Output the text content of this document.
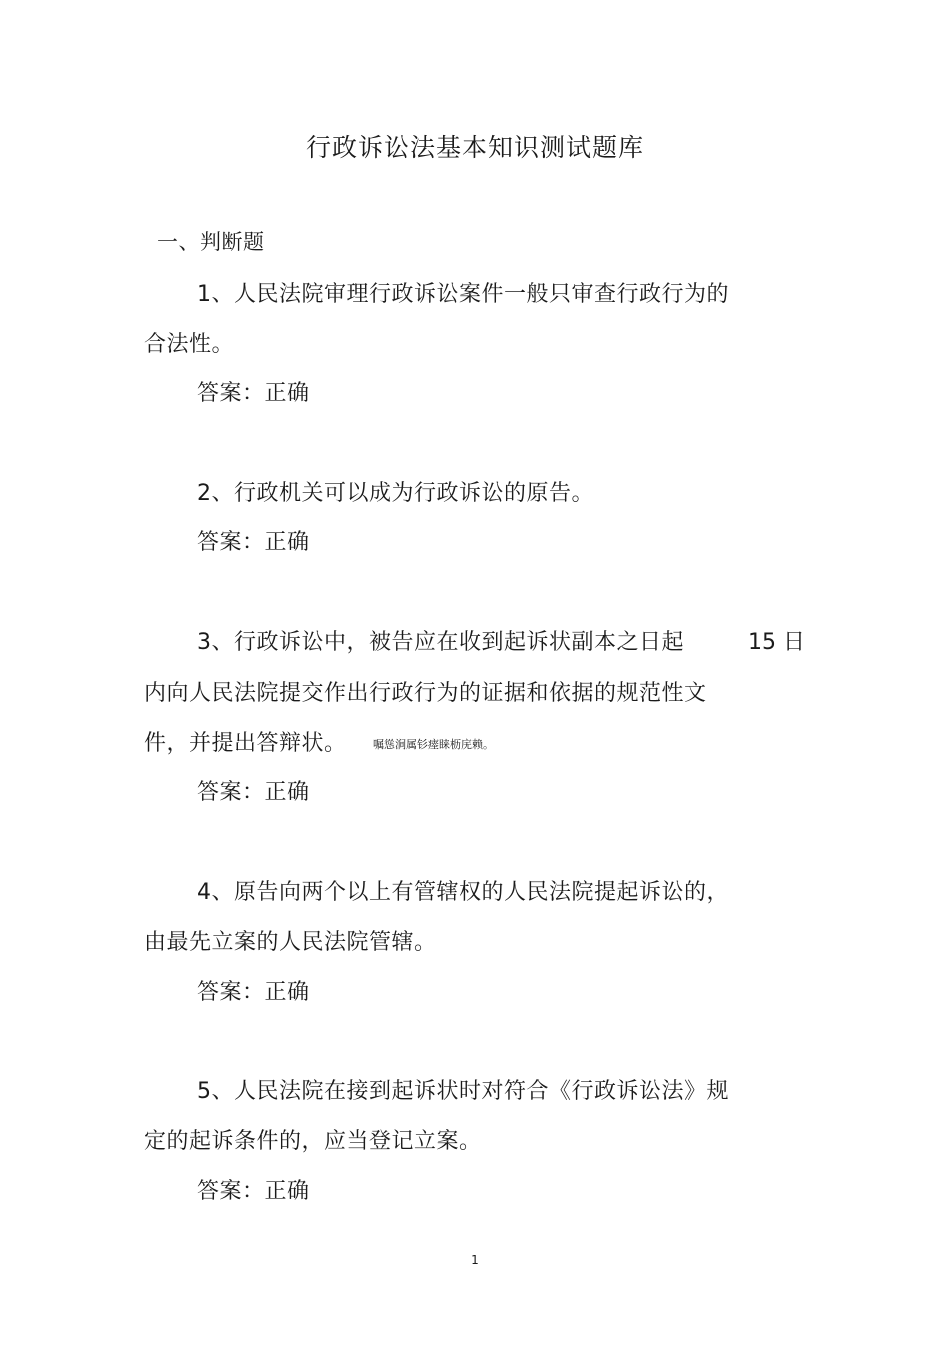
行政诉讼法基本知识测试题库
一、判断题
1、人民法院审理行政诉讼案件一般只审查行政行为的
合法性。
答案：正确
2、行政机关可以成为行政诉讼的原告。
答案：正确
3、行政诉讼中，被告应在收到起诉状副本之日起	15 日
内向人民法院提交作出行政行为的证据和依据的规范性文
件，并提出答辩状。 嘱慫涧属钐瘗睐枥庑赖。
答案：正确
4、原告向两个以上有管辖权的人民法院提起诉讼的，
由最先立案的人民法院管辖。
答案：正确
5、人民法院在接到起诉状时对符合《行政诉讼法》规
定的起诉条件的，应当登记立案。
答案：正确
1
